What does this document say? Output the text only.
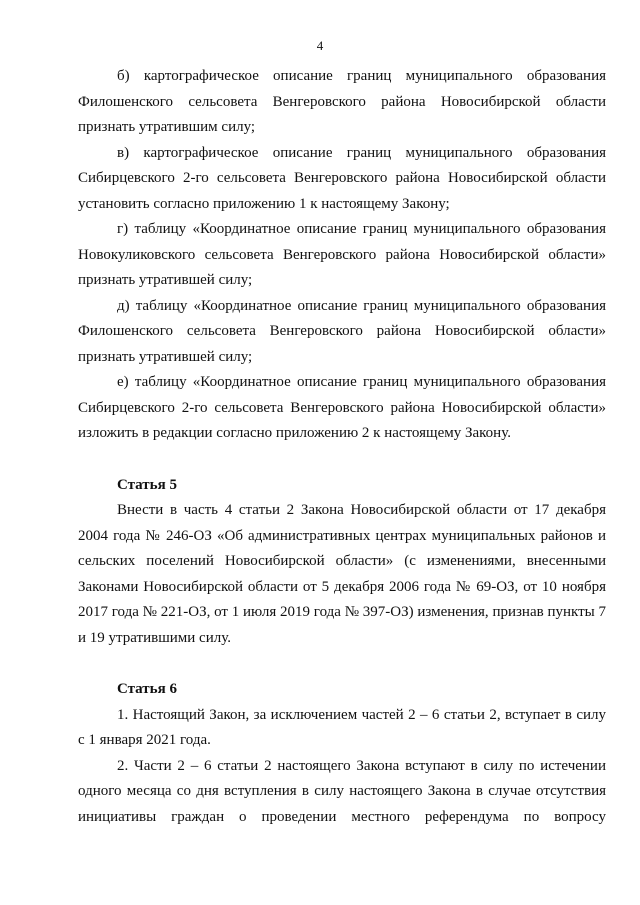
4

б) картографическое описание границ муниципального образования Филошенского сельсовета Венгеровского района Новосибирской области признать утратившим силу;

в) картографическое описание границ муниципального образования Сибирцевского 2-го сельсовета Венгеровского района Новосибирской области установить согласно приложению 1 к настоящему Закону;

г) таблицу «Координатное описание границ муниципального образования Новокуликовского сельсовета Венгеровского района Новосибирской области» признать утратившей силу;

д) таблицу «Координатное описание границ муниципального образования Филошенского сельсовета Венгеровского района Новосибирской области» признать утратившей силу;

е) таблицу «Координатное описание границ муниципального образования Сибирцевского 2-го сельсовета Венгеровского района Новосибирской области» изложить в редакции согласно приложению 2 к настоящему Закону.

Статья 5

Внести в часть 4 статьи 2 Закона Новосибирской области от 17 декабря 2004 года № 246-ОЗ «Об административных центрах муниципальных районов и сельских поселений Новосибирской области» (с изменениями, внесенными Законами Новосибирской области от 5 декабря 2006 года № 69-ОЗ, от 10 ноября 2017 года № 221-ОЗ, от 1 июля 2019 года № 397-ОЗ) изменения, признав пункты 7 и 19 утратившими силу.

Статья 6

1. Настоящий Закон, за исключением частей 2 – 6 статьи 2, вступает в силу с 1 января 2021 года.

2. Части 2 – 6 статьи 2 настоящего Закона вступают в силу по истечении одного месяца со дня вступления в силу настоящего Закона в случае отсутствия инициативы граждан о проведении местного референдума по вопросу
